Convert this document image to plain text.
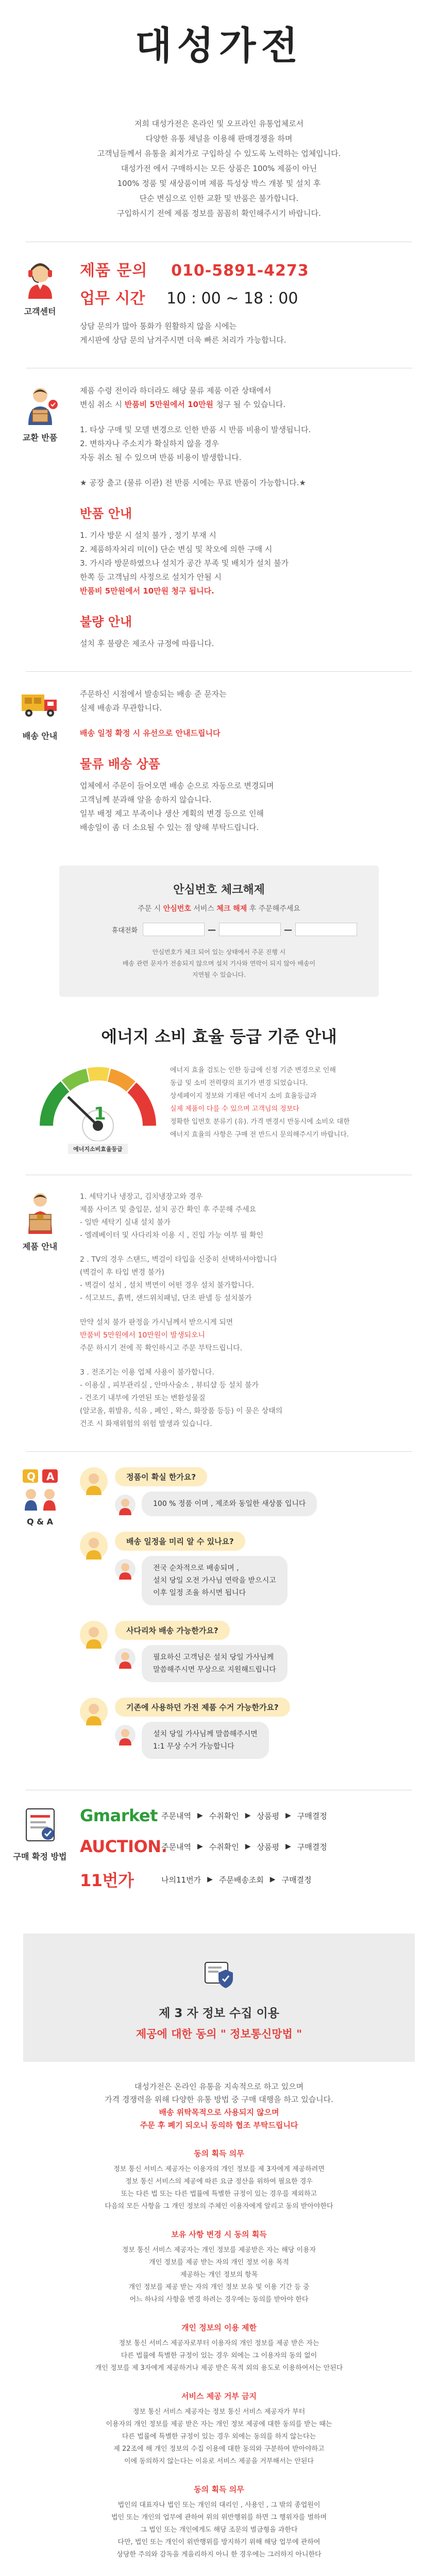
대성가전
저희 대성가전은 온라인 및 오프라인 유통업체로서
다양한 유통 채널을 이용해 판매경쟁을 하며
고객님들께서 유통을 최저가로 구입하실 수 있도록 노력하는 업체입니다.
대성가전 에서 구매하시는 모든 상품은 100% 제품이 아닌
100% 정품 및 새상품이며 제품 특성상 박스 개봉 및 설치 후
단순 변심으로 인한 교환 및 반품은 불가합니다.
구입하시기 전에 제품 정보를 꼼꼼히 확인해주시기 바랍니다.
고객센터
제품 문의 010-5891-4273
업무 시간 10 : 00 ~ 18 : 00
상담 문의가 많아 통화가 원활하지 않을 시에는
게시판에 상담 문의 남겨주시면 더욱 빠른 처리가 가능합니다.
교환 반품

제품 수령 전이라 하더라도 해당 물류 제품 이관 상태에서

변심 취소 시 반품비 5만원에서 10만원 청구 될 수 있습니다.

1. 타상 구매 및 모델 변경으로 인한 반품 시 반품 비용이 발생됩니다.

2. 변하자나 주소지가 확실하지 않을 경우

자동 취소 될 수 있으며 반품 비용이 발생합니다.

★ 공장 출고 (물류 이관) 전 반품 시에는 무료 반품이 가능합니다.★

반품 안내

1. 기사 방문 시 설치 불가 , 정기 부재 시

2. 제품하자처리 미(이) 단순 변심 및 착오에 의한 구매 시

3. 가시라 방문하였으나 설치가 공간 부족 및 배치가 설치 불가

한쪽 등 고객님의 사정으로 설치가 안될 시

반품비 5만원에서 10만원 청구 됩니다.

불량 안내
설치 후 불량은 제조사 규정에 따릅니다.
배송 안내

주문하신 시점에서 발송되는 배송 준 문자는

실제 배송과 무관합니다.

배송 일정 확정 시 유선으로 안내드립니다

물류 배송 상품

업체에서 주문이 들어오면 배송 순으로 자동으로 변경되며

고객님께 분과해 알을 송하지 않습니다.

일부 배정 제고 부족이나 생산 계획의 변경 등으로 인해

배송일이 좀 더 소요될 수 있는 점 양해 부탁드립니다.

안심번호 체크해제
주문 시 안심번호 서비스 체크 해제 후 주문해주세요
휴대전화	—	—
안심번호가 체크 되어 있는 상태에서 주문 진행 시
배송 관련 문자가 전송되지 않으며 설치 기사와 연락이 되지 않아 배송이
지연될 수 있습니다.
에너지 소비 효율 등급 기준 안내
1
에너지소비효율등급
에너지 효율 검토는 인한 등급에 신정 기준 변경으로 인해
동급 및 소비 전력량의 표기가 변경 되었습니다.
상세페이지 정보와 기재된 에너지 소비 효율등급과
실제 제품이 다를 수 있으며 고객님의 정보다
정확한 입번호 분류기 (유). 가격 변경시 반동시에 소비오 대한
에너지 효율의 사항은 구매 전 반드시 문의해주시기 바랍니다.
제품 안내
1. 세탁기나 냉장고, 김치냉장고와 경우
제품 사이즈 및 출입문, 설치 공간 확인 후 주문해 주세요
- 일반 세탁기 실내 설치 불가
- 엘레베이터 및 사다리차 이용 시 , 진입 가능 여부 필 확인
2 . TV의 경우 스탠드, 벽걸이 타입을 신중히 선택하셔야합니다
(벽걸이 후 타입 변경 불가)
- 벽걸이 설치 , 설치 벽면이 어떤 경우 설치 불가합니다.
- 석고보드, 흙벽, 샌드위치패널, 단조 판넬 등 설치불가
만약 설치 불가 판정을 가시님께서 받으시게 되면
반품비 5만원에서 10만원이 발생되오니
주문 하시기 전에 꼭 확인하시고 주문 부탁드립니다.
3 . 전조기는 이용 업체 사용이 불가합니다.
- 이용실 , 피부관리실 , 안마사술소 , 뷰티샵 등 설치 불가
- 건조기 내부에 가연된 또는 변환성물질
(알코올, 휘발유, 석유 , 페인 , 왁스, 화장품 등등) 이 묻은 상태의
건조 시 화재위험의 위험 발생과 있습니다.
Q A
Q & A
정품이 확실 한가요?
100 % 정품 이며 , 제조와 동일한 새상품 입니다
배송 일정을 미리 알 수 있나요?
전국 순차적으로 배송되며 ,
설치 당일 오전 가사님 연락을 받으시고
이후 일정 조율 하시면 됩니다
사다리차 배송 가능한가요?
필요하신 고객님은 설치 당일 가사님께
말씀해주시면 무상으로 지원해드립니다
기존에 사용하던 가전 제품 수거 가능한가요?
설치 당일 가사님께 말씀해주시면
1:1 무상 수거 가능합니다
구매 확정 방법
Gmarket 주문내역 ▶ 수취확인 ▶ 상품평 ▶ 구매결정
AUCTION.
주문내역 ▶ 수취확인 ▶ 상품평 ▶ 구매결정
11번가	나의11번가 ▶ 주문배송조회 ▶ 구매결정
제 3 자 정보 수집 이용
제공에 대한 동의 " 정보통신망법 "
대성가전은 온라인 유통을 지속적으로 하고 있으며
가격 경쟁력을 위해 다양한 유통 방법 중 구매 대행을 하고 있습니다.
배송 위탁목적으로 사용되지 않으며
주문 후 폐기 되오니 동의하 협조 부탁드립니다
동의 획득 의무
정보 통신 서비스 제공자는 이용자의 개인 정보를 제 3자에게 제공하려면
정보 통신 서비스의 제공에 따른 요금 정산을 위하여 필요한 경우
또는 다른 법 또는 다른 법률에 특별한 규정이 있는 경우를 제외하고
다음의 모든 사항을 그 개인 정보의 주체인 이용자에게 알리고 동의 받아야한다
보유 사항 변경 시 동의 획득
정보 통신 서비스 제공자는 개인 정보를 제공받은 자는 해당 이용자
개인 정보를 제공 받는 자의 개인 정보 이용 목적
제공하는 개인 정보의 항목
개인 정보를 제공 받는 자의 개인 정보 보유 및 이용 기간 등 중
어느 하나의 사항을 변경 하려는 경우에는 동의를 받아야 한다
개인 정보의 이용 제한
정보 통신 서비스 제공자로부터 이용자의 개인 정보를 제공 받은 자는
다른 법률에 특별한 규정이 있는 경우 외에는 그 이용자의 동의 없이
개인 정보를 제 3자에게 제공하거나 제공 받은 목적 외의 용도로 이용하여서는 안된다
서비스 제공 거부 금지
정보 통신 서비스 제공자는 정보 통신 서비스 제공자가 부터
이용자의 개인 정보를 제공 받은 자는 개인 정보 제공에 대한 동의를 받는 때는
다른 법률에 특별한 규정이 있는 경우 외에는 동의를 하지 않는다는
제 22조에 해 개인 정보의 수집 이용에 대한 동의와 구분하여 받아야하고
이에 동의하지 않는다는 이유로 서비스 제공을 거부해서는 안된다
동의 획득 의무
법인의 대표자나 법인 또는 개인의 대리인 , 사용인 , 그 밖의 종업원이
법인 또는 개인의 업무에 관하여 위의 위반행위를 하면 그 행위자를 벌하며
그 법인 또는 개인에게도 해당 조문의 벌금형을 과한다
다만, 법인 또는 개인이 위반행위를 방지하기 위해 해당 업무에 관하여
상당한 주의와 감독을 게을리하지 아니 한 경우에는 그러하지 아니한다
